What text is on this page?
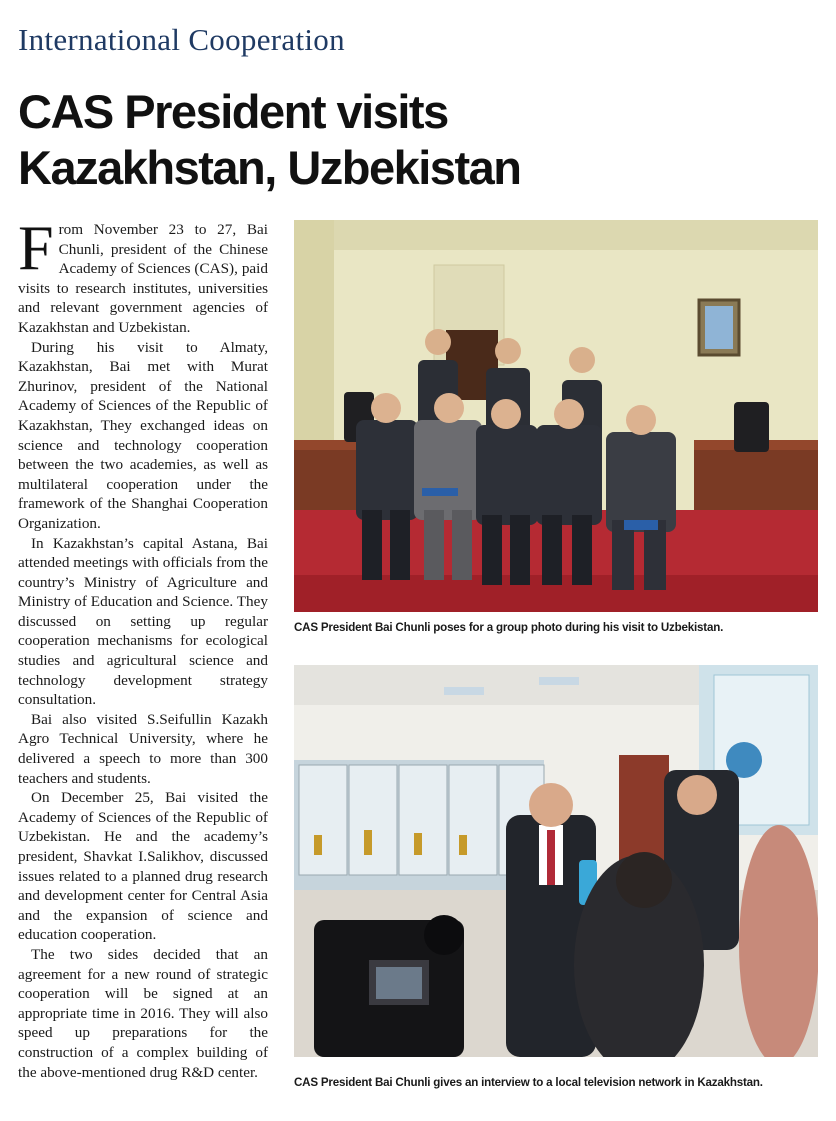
International Cooperation
CAS President visits
Kazakhstan, Uzbekistan

From November 23 to 27, Bai Chunli, president of the Chinese Academy of Sciences (CAS), paid visits to research institutes, universities and relevant government agencies of Kazakhstan and Uzbekistan.

During his visit to Almaty, Kazakhstan, Bai met with Murat Zhurinov, president of the National Academy of Sciences of the Republic of Kazakhstan, They exchanged ideas on science and technology cooperation between the two academies, as well as multilateral cooperation under the framework of the Shanghai Cooperation Organization.

In Kazakhstan’s capital Astana, Bai attended meetings with officials from the country’s Ministry of Agriculture and Ministry of Education and Science. They discussed on setting up regular cooperation mechanisms for ecological studies and agricultural science and technology development strategy consultation.

Bai also visited S.Seifullin Kazakh Agro Technical University, where he delivered a speech to more than 300 teachers and students.

On December 25, Bai visited the Academy of Sciences of the Republic of Uzbekistan. He and the academy’s president, Shavkat I.Salikhov, discussed issues related to a planned drug research and development center for Central Asia and the expansion of science and education cooperation.

The two sides decided that an agreement for a new round of strategic cooperation will be signed at an appropriate time in 2016. They will also speed up preparations for the construction of a complex building of the above-mentioned drug R&D center.

CAS President Bai Chunli poses for a group photo during his visit to Uzbekistan.

CAS President Bai Chunli gives an interview to a local television network in Kazakhstan.
